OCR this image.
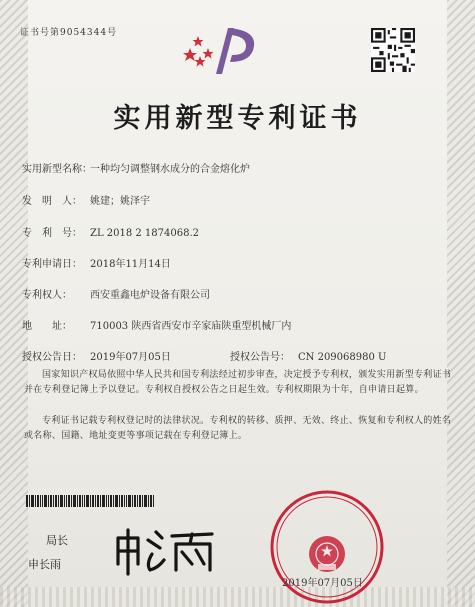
证书号第9054344号
实用新型专利证书
实用新型名称：一种均匀调整钢水成分的合金熔化炉
发　明　人： 姚建；姚泽宇
专　利　号： ZL 2018 2 1874068.2
专利申请日： 2018年11月14日
专利权人： 西安重鑫电炉设备有限公司
地　　址： 710003 陕西省西安市辛家庙陕重型机械厂内
授权公告日： 2019年07月05日	授权公告号： CN 209068980 U
国家知识产权局依照中华人民共和国专利法经过初步审查，决定授予专利权，颁发实用新型专利证书并在专利登记簿上予以登记。专利权自授权公告之日起生效。专利权期限为十年，自申请日起算。
专利证书记载专利权登记时的法律状况。专利权的转移、质押、无效、终止、恢复和专利权人的姓名或名称、国籍、地址变更等事项记载在专利登记簿上。
局长
申长雨
2019年07月05日
